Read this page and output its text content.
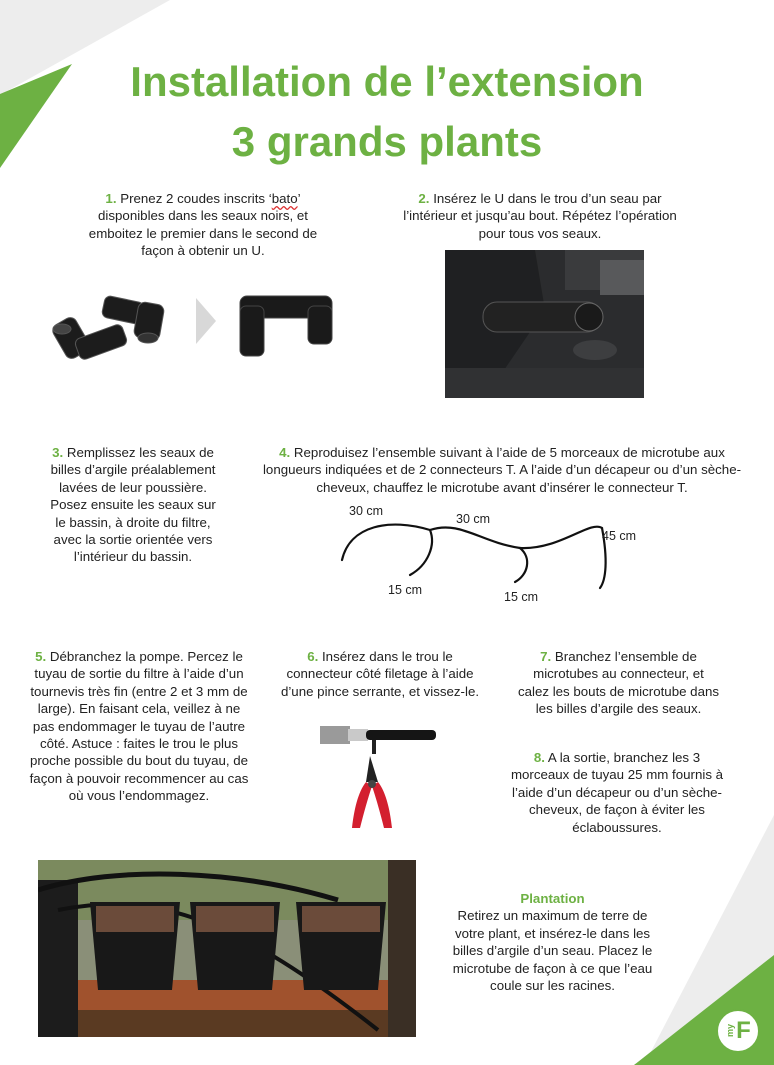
Installation de l’extension
3 grands plants
1. Prenez 2 coudes inscrits ‘bato’ disponibles dans les seaux noirs, et emboitez le premier dans le second de façon à obtenir un U.
2. Insérez le U dans le trou d’un seau par l’intérieur et jusqu’au bout. Répétez l’opération pour tous vos seaux.
3. Remplissez les seaux de billes d’argile préalablement lavées de leur poussière. Posez ensuite les seaux sur le bassin, à droite du filtre, avec la sortie orientée vers l’intérieur du bassin.
4. Reproduisez l’ensemble suivant à l’aide de 5 morceaux de microtube aux longueurs indiquées et de 2 connecteurs T. A l’aide d’un décapeur ou d’un sèche-cheveux, chauffez le microtube avant d’insérer le connecteur T.
30 cm
30 cm
45 cm
15 cm	15 cm
5. Débranchez la pompe. Percez le tuyau de sortie du filtre à l’aide d’un tournevis très fin (entre 2 et 3 mm de large). En faisant cela, veillez à ne pas endommager le tuyau de l’autre côté. Astuce : faites le trou le plus proche possible du bout du tuyau, de façon à pouvoir recommencer au cas où vous l’endommagez.
6. Insérez dans le trou le connecteur côté filetage à l’aide d’une pince serrante, et vissez-le.
7. Branchez l’ensemble de microtubes au connecteur, et calez les bouts de microtube dans les billes d’argile des seaux.
8. A la sortie, branchez les 3 morceaux de tuyau 25 mm fournis à l’aide d’un décapeur ou d’un sèche-cheveux, de façon à éviter les éclaboussures.
Plantation
Retirez un maximum de terre de votre plant, et insérez-le dans les billes d’argile d’un seau. Placez le microtube de façon à ce que l’eau coule sur les racines.
my F
